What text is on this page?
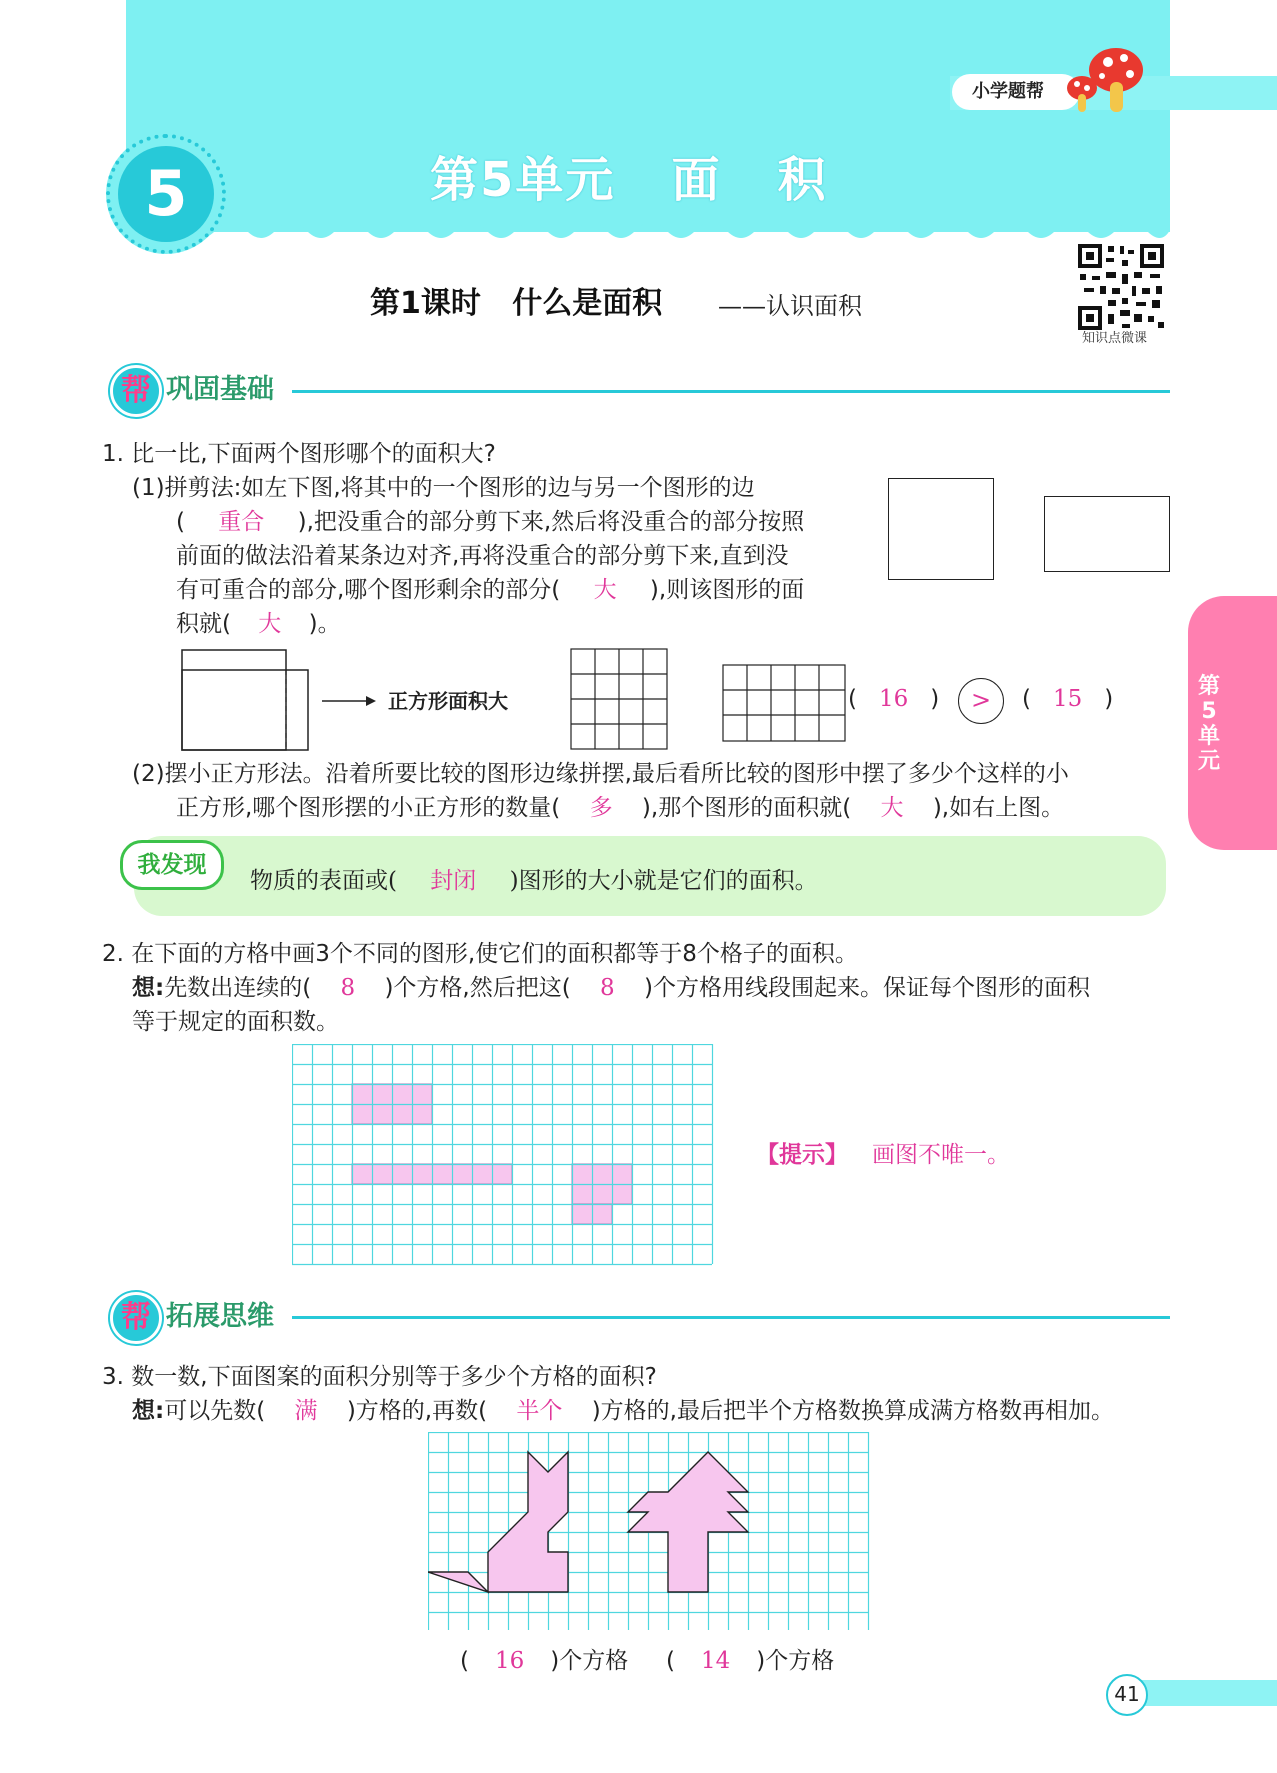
小学题帮
5	第5单元   面   积
第1课时   什么是面积 ——认识面积
知识点微课
帮 巩固基础
1. 比一比,下面两个图形哪个的面积大?
(1)拼剪法:如左下图,将其中的一个图形的边与另一个图形的边
( 重合 ),把没重合的部分剪下来,然后将没重合的部分按照
前面的做法沿着某条边对齐,再将没重合的部分剪下来,直到没
有可重合的部分,哪个图形剩余的部分( 大 ),则该图形的面
积就( 大 )。
正方形面积大	( 16 )	>	( 15 )
(2)摆小正方形法。沿着所要比较的图形边缘拼摆,最后看所比较的图形中摆了多少个这样的小
正方形,哪个图形摆的小正方形的数量( 多 ),那个图形的面积就( 大 ),如右上图。
我发现
物质的表面或( 封闭 )图形的大小就是它们的面积。
2. 在下面的方格中画3个不同的图形,使它们的面积都等于8个格子的面积。
想:先数出连续的( 8 )个方格,然后把这( 8 )个方格用线段围起来。保证每个图形的面积
等于规定的面积数。
【提示】 画图不唯一。
帮 拓展思维
3. 数一数,下面图案的面积分别等于多少个方格的面积?
想:可以先数( 满 )方格的,再数( 半个 )方格的,最后把半个方格数换算成满方格数再相加。
( 16 )个方格 ( 14 )个方格
第5单元
41
